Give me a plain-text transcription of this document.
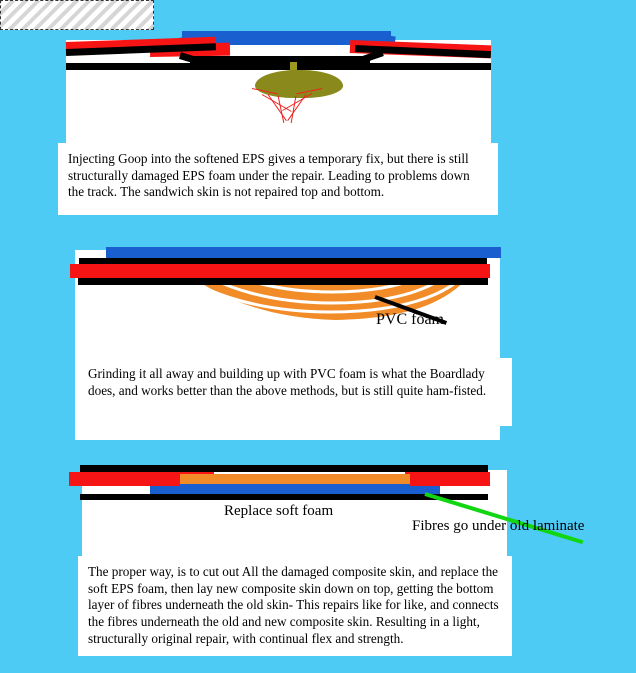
Injecting Goop into the softened EPS gives a temporary fix, but there is still structurally damaged EPS foam under the repair. Leading to problems down the track. The sandwich skin is not repaired top and bottom.
PVC foam
Grinding it all away and building up with PVC foam is what the Boardlady does, and works better than the above methods, but is still quite ham-fisted.
Replace soft foam
Fibres go under old laminate
The proper way, is to cut out All the damaged composite skin, and replace the soft EPS foam, then lay new composite skin down on top, getting the bottom layer of fibres underneath the old skin- This repairs like for like, and connects the fibres underneath the old and new composite skin. Resulting in a light, structurally original repair, with continual flex and strength.
